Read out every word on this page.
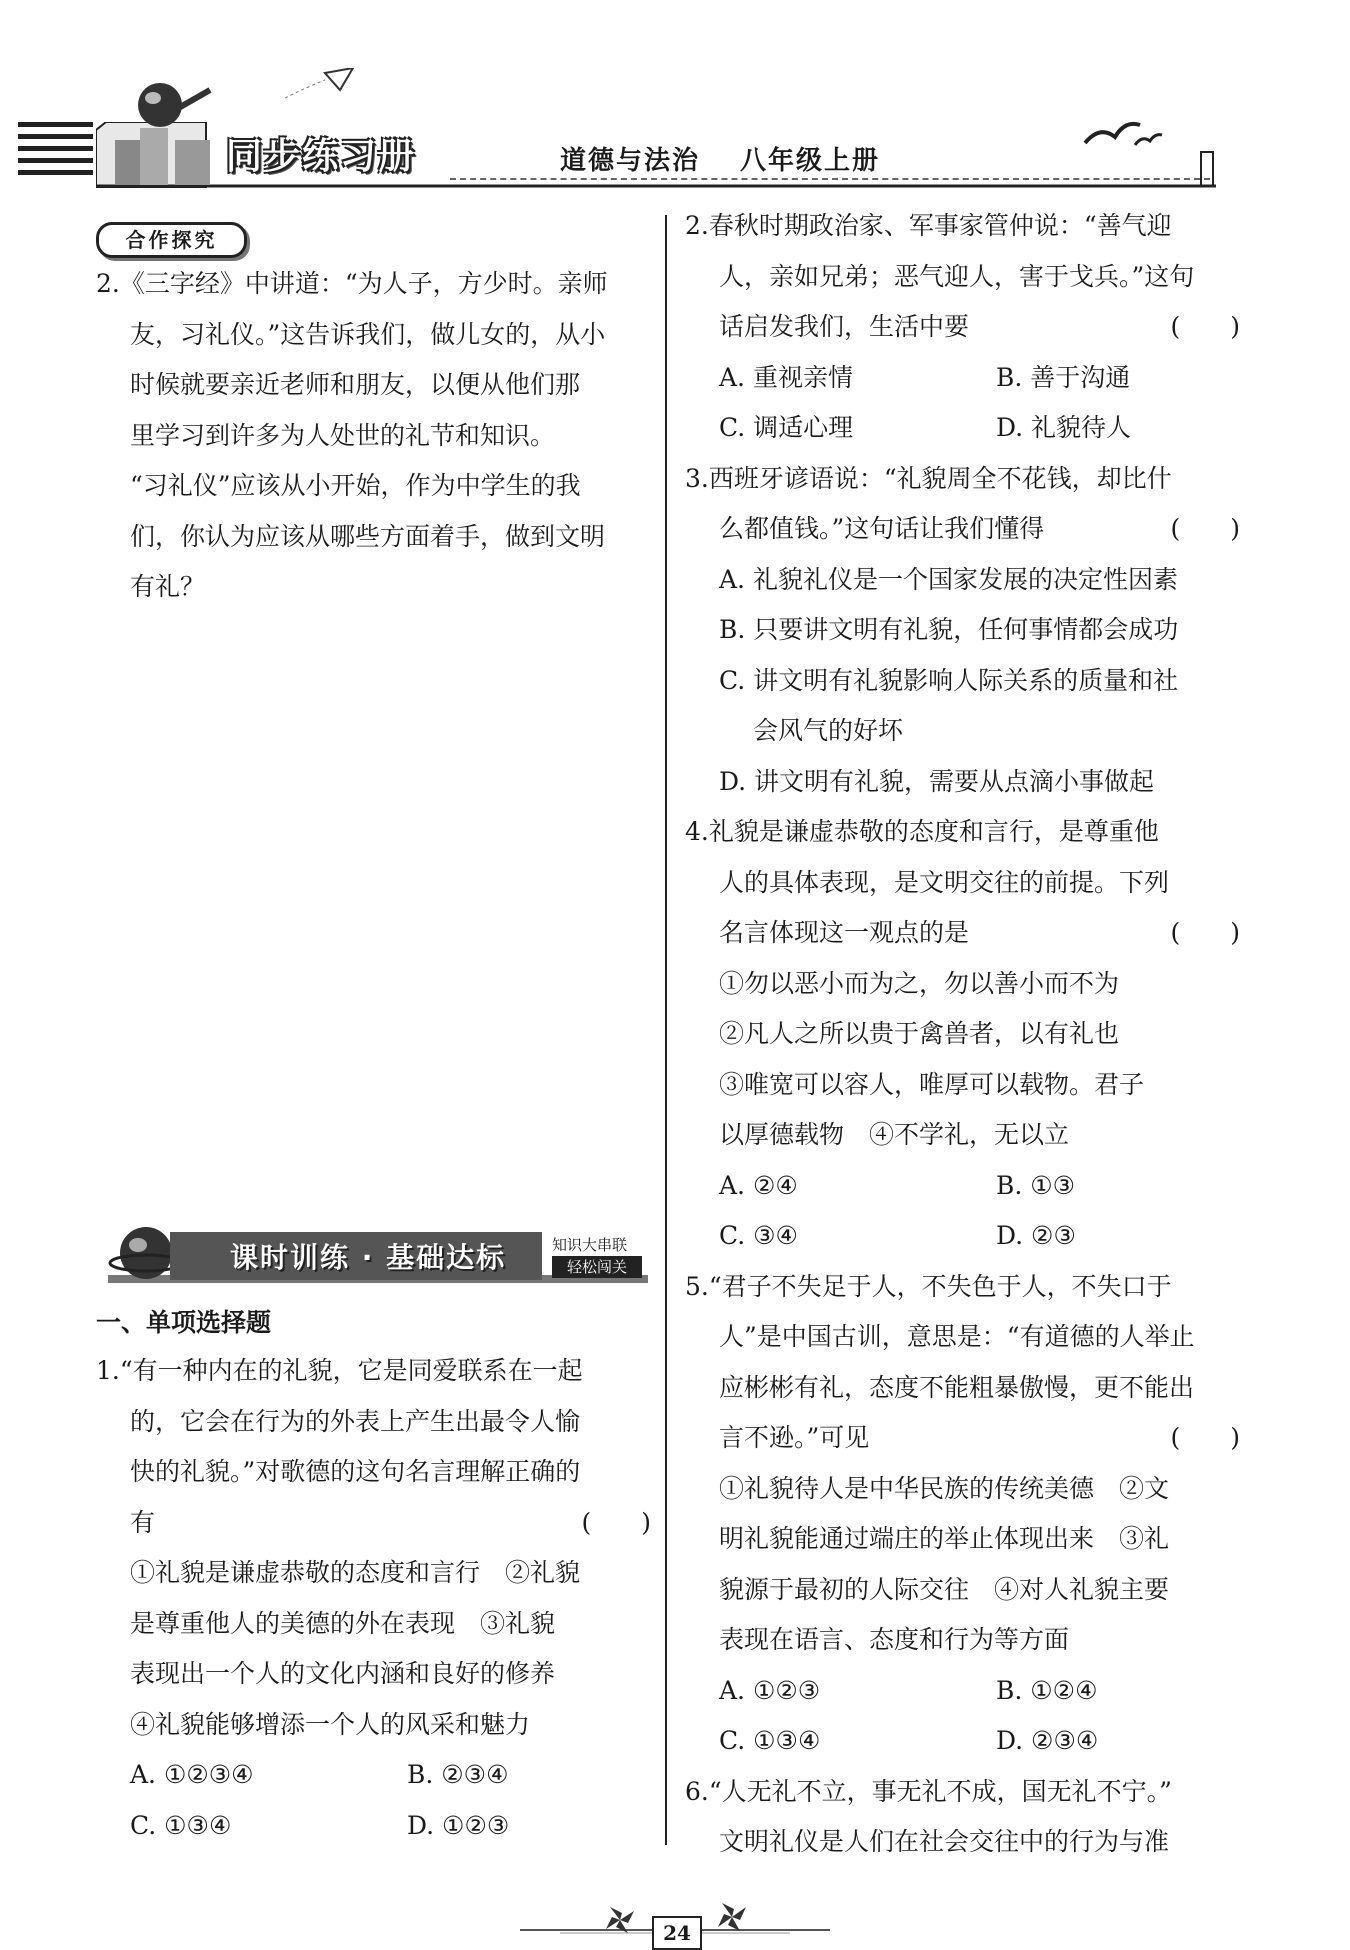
同步练习册	道德与法治 八年级上册
合作探究

2.《三字经》中讲道：“为人子，方少时。亲师

友，习礼仪。”这告诉我们，做儿女的，从小

时候就要亲近老师和朋友，以便从他们那

里学习到许多为人处世的礼节和知识。

“习礼仪”应该从小开始，作为中学生的我

们，你认为应该从哪些方面着手，做到文明

有礼？

课时训练 · 基础达标	知识大串联
轻松闯关
一、单项选择题

1.“有一种内在的礼貌，它是同爱联系在一起

的，它会在行为的外表上产生出最令人愉

快的礼貌。”对歌德的这句名言理解正确的

有	(　　)

①礼貌是谦虚恭敬的态度和言行　②礼貌

是尊重他人的美德的外在表现　③礼貌

表现出一个人的文化内涵和良好的修养

④礼貌能够增添一个人的风采和魅力

A. ①②③④	B. ②③④

C. ①③④	D. ①②③

2.春秋时期政治家、军事家管仲说：“善气迎

人，亲如兄弟；恶气迎人，害于戈兵。”这句

话启发我们，生活中要	(　　)

A. 重视亲情	B. 善于沟通

C. 调适心理	D. 礼貌待人

3.西班牙谚语说：“礼貌周全不花钱，却比什

么都值钱。”这句话让我们懂得	(　　)

A. 礼貌礼仪是一个国家发展的决定性因素

B. 只要讲文明有礼貌，任何事情都会成功

C. 讲文明有礼貌影响人际关系的质量和社

会风气的好坏

D. 讲文明有礼貌，需要从点滴小事做起

4.礼貌是谦虚恭敬的态度和言行，是尊重他

人的具体表现，是文明交往的前提。下列

名言体现这一观点的是	(　　)

①勿以恶小而为之，勿以善小而不为

②凡人之所以贵于禽兽者，以有礼也

③唯宽可以容人，唯厚可以载物。君子

以厚德载物　④不学礼，无以立

A. ②④	B. ①③

C. ③④	D. ②③

5.“君子不失足于人，不失色于人，不失口于

人”是中国古训，意思是：“有道德的人举止

应彬彬有礼，态度不能粗暴傲慢，更不能出

言不逊。”可见	(　　)

①礼貌待人是中华民族的传统美德　②文

明礼貌能通过端庄的举止体现出来　③礼

貌源于最初的人际交往　④对人礼貌主要

表现在语言、态度和行为等方面

A. ①②③	B. ①②④

C. ①③④	D. ②③④

6.“人无礼不立，事无礼不成，国无礼不宁。”

文明礼仪是人们在社会交往中的行为与准

24
